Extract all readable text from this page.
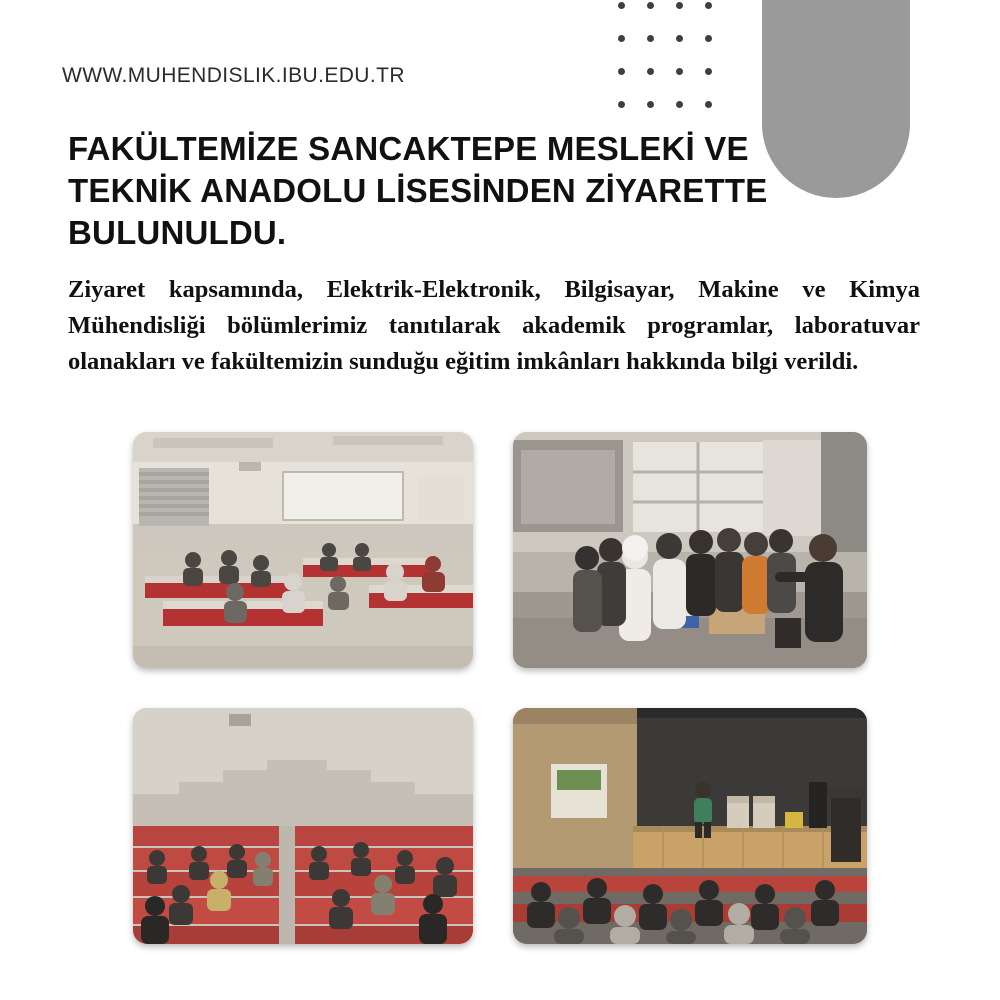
WWW.MUHENDISLIK.IBU.EDU.TR
FAKÜLTEMİZE SANCAKTEPE MESLEKİ VE TEKNİK ANADOLU LİSESİNDEN ZİYARETTE BULUNULDU.
Ziyaret kapsamında, Elektrik-Elektronik, Bilgisayar, Makine ve Kimya Mühendisliği bölümlerimiz tanıtılarak akademik programlar, laboratuvar olanakları ve fakültemizin sunduğu eğitim imkânları hakkında bilgi verildi.
